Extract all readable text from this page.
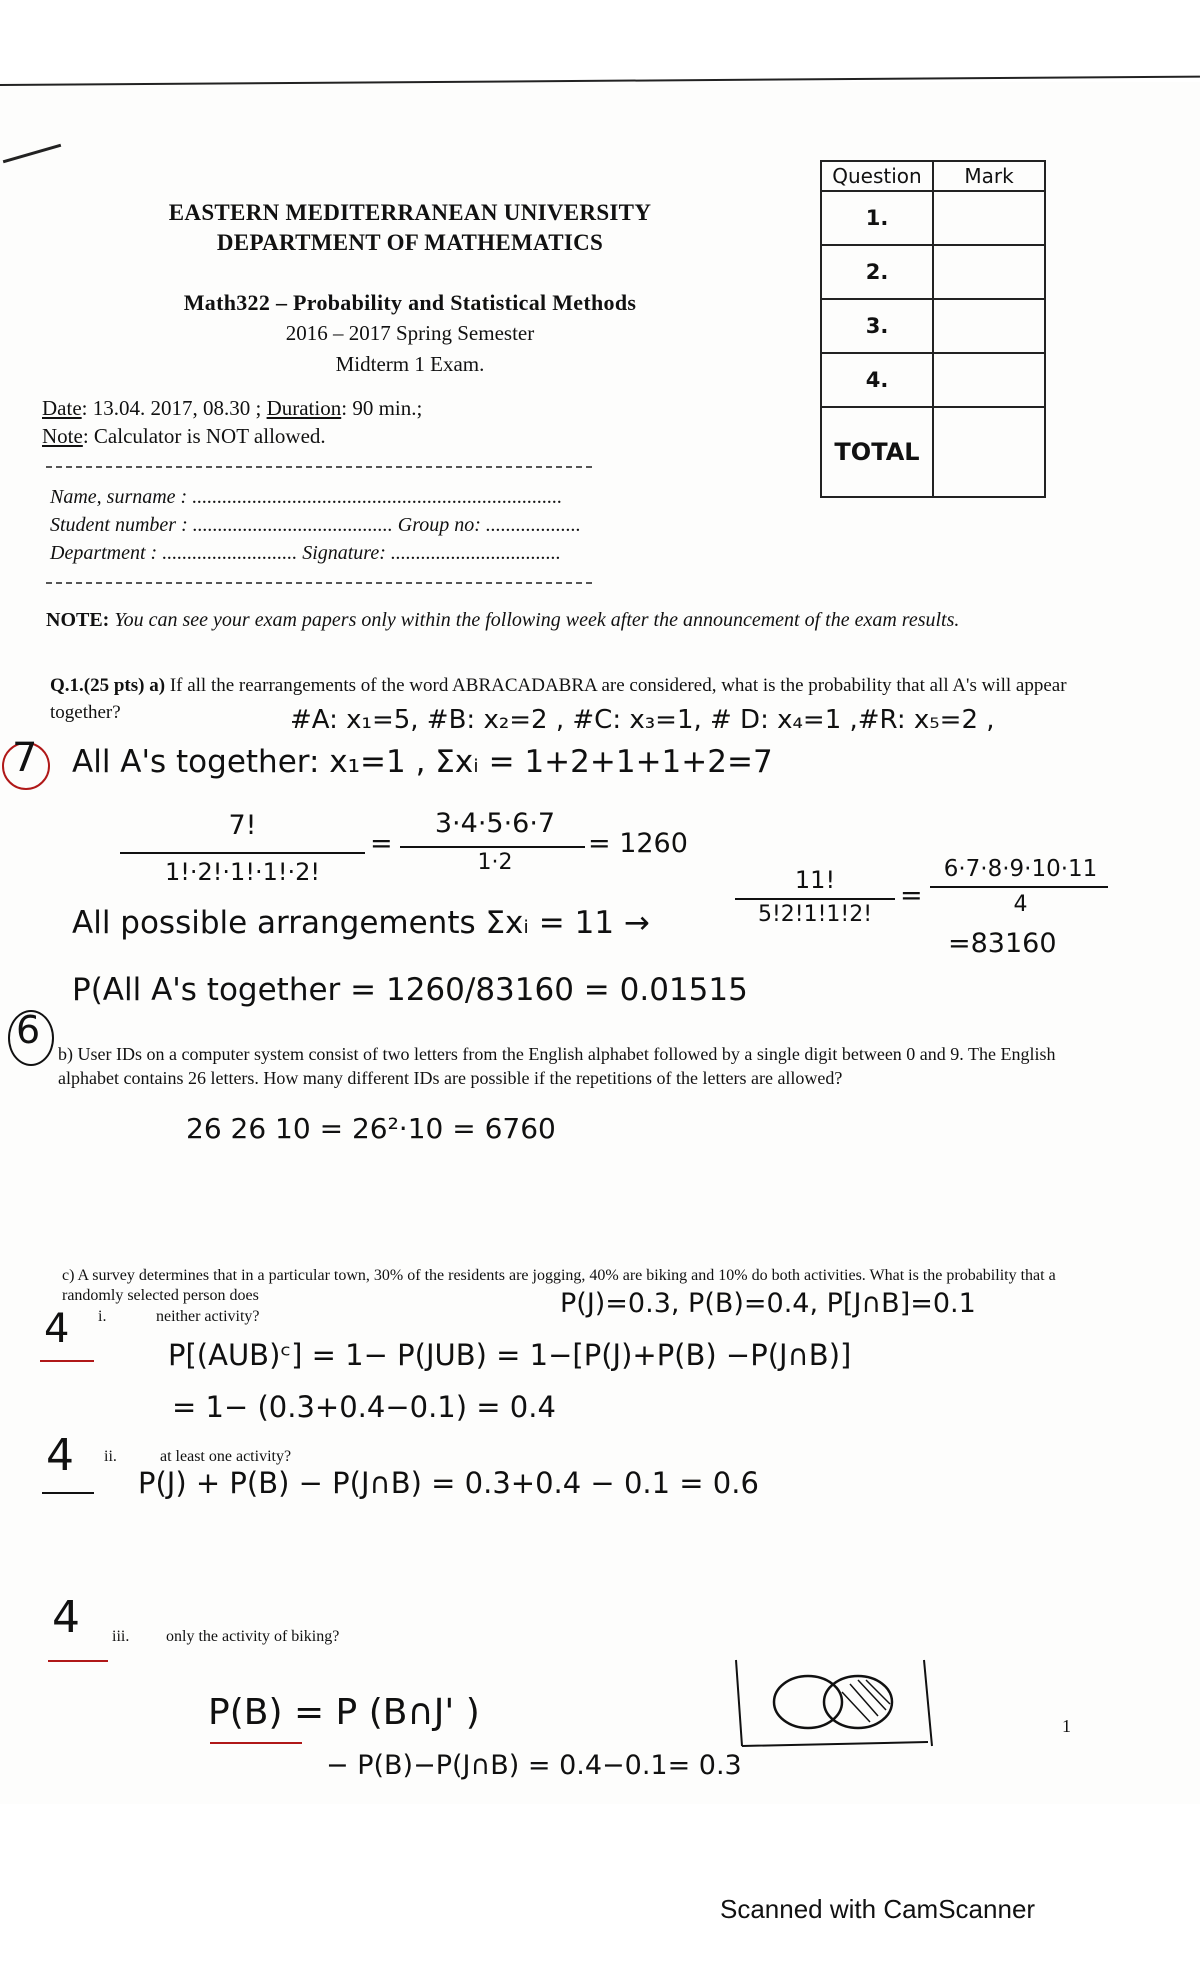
EASTERN MEDITERRANEAN UNIVERSITY
DEPARTMENT OF MATHEMATICS
Math322 – Probability and Statistical Methods
2016 – 2017 Spring Semester
Midterm 1 Exam.
Date: 13.04. 2017, 08.30 ; Duration: 90 min.;
Note: Calculator is NOT allowed.
Name, surname : ..........................................................................
Student number : ........................................ Group no: ...................
Department : ........................... Signature: ..................................
Question	Mark
1.	
2.	
3.	
4.	
TOTAL	
NOTE: You can see your exam papers only within the following week after the announcement of the exam results.
Q.1.(25 pts) a) If all the rearrangements of the word ABRACADABRA are considered, what is the probability that all A's will appear together?	#A: x₁=5, #B: x₂=2 , #C: x₃=1, # D: x₄=1 ,#R: x₅=2 ,
7 All A's together: x₁=1 , Σxᵢ = 1+2+1+1+2=7
7!
1!·2!·1!·1!·2!
=
3·4·5·6·7
1·2
= 1260
All possible arrangements Σxᵢ = 11 →
11!
5!2!1!1!2!
=
6·7·8·9·10·11
4
=83160
P(All A's together = 1260/83160 = 0.01515
6
b) User IDs on a computer system consist of two letters from the English alphabet followed by a single digit between 0 and 9. The English alphabet contains 26 letters. How many different IDs are possible if the repetitions of the letters are allowed?
26 26 10 = 26²·10 = 6760
c) A survey determines that in a particular town, 30% of the residents are jogging, 40% are biking and 10% do both activities. What is the probability that a randomly selected person does	P(J)=0.3, P(B)=0.4, P[J∩B]=0.1
4 i.	neither activity?
P[(AUB)ᶜ] = 1− P(JUB) = 1−[P(J)+P(B) −P(J∩B)]
= 1− (0.3+0.4−0.1) = 0.4
4 ii.	at least one activity?
P(J) + P(B) − P(J∩B) = 0.3+0.4 − 0.1 = 0.6
4 iii. only the activity of biking?
P(B) = P (B∩J' )
− P(B)−P(J∩B) = 0.4−0.1= 0.3
1
Scanned with CamScanner
